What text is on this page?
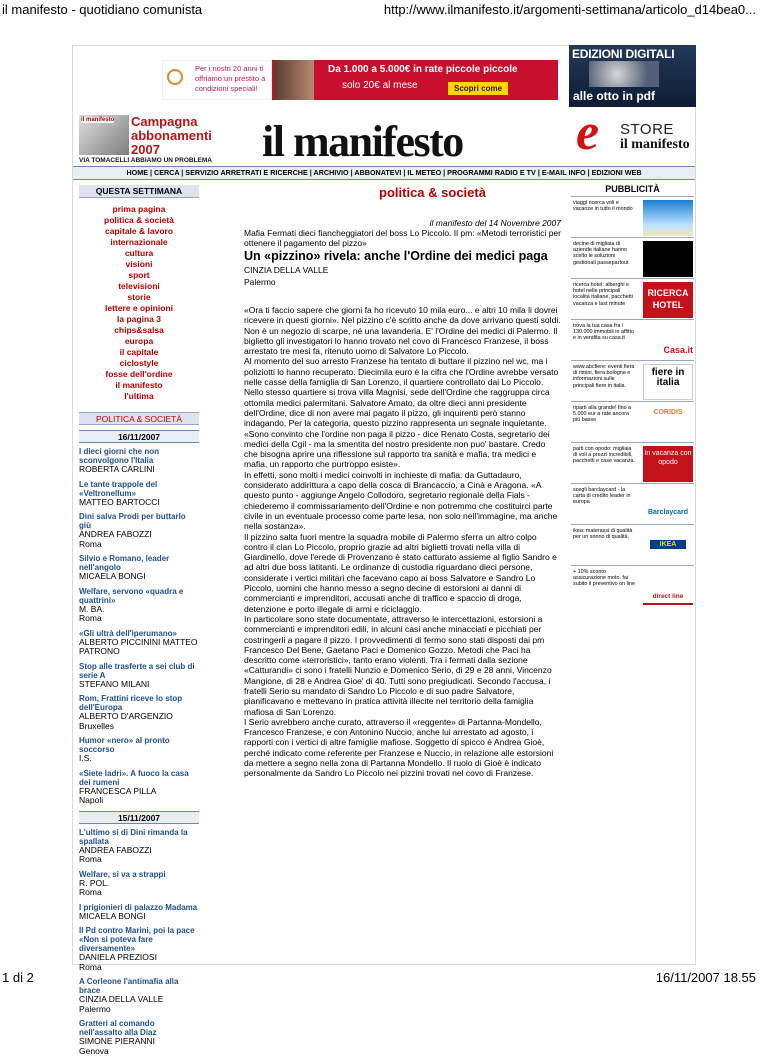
il manifesto - quotidiano comunista	http://www.ilmanifesto.it/argomenti-settimana/articolo_d14bea0...
Per i nostri 20 anni ti offriamo un prestito a condizioni speciali!
Da 1.000 a 5.000€ in rate piccole piccole
solo 20€ al mese	Scopri come
EDIZIONI DIGITALI
alle otto in pdf
il manifesto Campagna abbonamenti 2007
VIA TOMACELLI ABBIAMO UN PROBLEMA il manifesto e STORE
il manifesto
HOME | CERCA | SERVIZIO ARRETRATI E RICERCHE | ARCHIVIO | ABBONATEVI | IL METEO | PROGRAMMI RADIO E TV | E-MAIL INFO | EDIZIONI WEB
QUESTA SETTIMANA
prima pagina
politica & società
capitale & lavoro
internazionale
cultura
visioni
sport
televisioni
storie
lettere e opinioni
la pagina 3
chips&salsa
europa
il capitale
ciclostyle
fosse dell'ordine
il manifesto
l'ultima
POLITICA & SOCIETÀ
16/11/2007
I dieci giorni che non sconvolgono l'Italia
ROBERTA CARLINI
Le tante trappole del «Veltronellum»
MATTEO BARTOCCI
Dini salva Prodi per buttarlo giù
ANDREA FABOZZI
Roma
Silvio e Romano, leader nell'angolo
MICAELA BONGI
Welfare, servono «quadra e quattrini»
M. BA.
Roma
«Gli ultrà dell'iperumano»
ALBERTO PICCININI MATTEO PATRONO
Stop alle trasferte a sei club di serie A
STEFANO MILANI
Rom, Frattini riceve lo stop dell'Europa
ALBERTO D'ARGENZIO
Bruxelles
Humor «nero» al pronto soccorso
I.S.
«Siete ladri». A fuoco la casa dei rumeni
FRANCESCA PILLA
Napoli
15/11/2007
L'ultimo si di Dini rimanda la spallata
ANDREA FABOZZI
Roma
Welfare, si va a strappi
R. POL.
Roma
I prigionieri di palazzo Madama
MICAELA BONGI
Il Pd contro Marini, poi la pace «Non si poteva fare diversamente»
DANIELA PREZIOSI
Roma
A Corleone l'antimafia alla brace
CINZIA DELLA VALLE
Palermo
Gratteri al comando nell'assalto alla Diaz
SIMONE PIERANNI
Genova
politica & società
il manifesto del 14 Novembre 2007
Mafia Fermati dieci fiancheggiatori del boss Lo Piccolo. Il pm: «Metodi terroristici per ottenere il pagamento del pizzo»
Un «pizzino» rivela: anche l'Ordine dei medici paga
CINZIA DELLA VALLE
Palermo

«Ora ti faccio sapere che giorni fa ho ricevuto 10 mila euro... e altri 10 mila li dovrei ricevere in questi giorni». Nel pizzino c'è scritto anche da dove arrivano questi soldi. Non è un negozio di scarpe, né una lavanderia. E' l'Ordine dei medici di Palermo. Il biglietto gli investigatori lo hanno trovato nel covo di Francesco Franzese, il boss arrestato tre mesi fa, ritenuto uomo di Salvatore Lo Piccolo.

Al momento del suo arresto Franzese ha tentato di buttare il pizzino nel wc, ma i poliziotti lo hanno recuperato. Diecimila euro è la cifra che l'Ordine avrebbe versato nelle casse della famiglia di San Lorenzo, il quartiere controllato dai Lo Piccolo. Nello stesso quartiere si trova villa Magnisi, sede dell'Ordine che raggruppa circa ottomila medici palermitani. Salvatore Amato, da oltre dieci anni presidente dell'Ordine, dice di non avere mai pagato il pizzo, gli inquirenti però stanno indagando. Per la categoria, questo pizzino rappresenta un segnale inquietante. «Sono convinto che l'ordine non paga il pizzo - dice Renato Costa, segretario dei medici della Cgil - ma la smentita del nostro presidente non puo' bastare. Credo che bisogna aprire una riflessione sul rapporto tra sanità e mafia, tra medici e mafia, un rapporto che purtroppo esiste».

In effetti, sono molti i medici coinvolti in inchieste di mafia: da Guttadauro, considerato addirittura a capo della cosca di Brancaccio, a Cinà e Aragona. «A questo punto - aggiunge Angelo Collodoro, segretario regionale della Fials - chiederemo il commissariamento dell'Ordine e non potremmo che costituirci parte civile in un eventuale processo come parte lesa, non solo nell'immagine, ma anche nella sostanza».

Il pizzino salta fuori mentre la squadra mobile di Palermo sferra un altro colpo contro il clan Lo Piccolo, proprio grazie ad altri biglietti trovati nella villa di Giardinello, dove l'erede di Provenzano è stato catturato assieme al figlio Sandro e ad altri due boss latitanti. Le ordinanze di custodia riguardano dieci persone, considerate i vertici militari che facevano capo ai boss Salvatore e Sandro Lo Piccolo, uomini che hanno messo a segno decine di estorsioni ai danni di commercianti e imprenditori, accusati anche di traffico e spaccio di droga, detenzione e porto illegale di armi e riciclaggio.

In particolare sono state documentate, attraverso le intercettazioni, estorsioni a commercianti e imprenditori edili, in alcuni casi anche minacciati e picchiati per costringerli a pagare il pizzo. I provvedimenti di fermo sono stati disposti dai pm Francesco Del Bene, Gaetano Paci e Domenico Gozzo. Metodi che Paci ha descritto come «terroristici», tanto erano violenti. Tra i fermati dalla sezione «Catturandi» ci sono i fratelli Nunzio e Domenico Serio, di 29 e 28 anni, Vincenzo Mangione, di 28 e Andrea Gioe' di 40. Tutti sono pregiudicati. Secondo l'accusa, i fratelli Serio su mandato di Sandro Lo Piccolo e di suo padre Salvatore, pianificavano e mettevano in pratica attività illecite nel territorio della famiglia mafiosa di San Lorenzo.

I Serio avrebbero anche curato, attraverso il «reggente» di Partanna-Mondello, Francesco Franzese, e con Antonino Nuccio, anche lui arrestato ad agosto, i rapporti con i vertici di altre famiglie mafiose. Soggetto di spicco è Andrea Gioè, perché indicato come referente per Franzese e Nuccio, in relazione alle estorsioni da mettere a segno nella zona di Partanna Mondello. Il ruolo di Gioè è indicato personalmente da Sandro Lo Piccolo nei pizzini trovati nel covo di Franzese.

PUBBLICITÀ
viaggi ricerca voli e vacanze in tutto il mondo
decine di migliaia di aziende italiane hanno scelto le soluzioni gestionali passepartout
ricerca hotel: alberghi e hotel nelle principali località italiane, pacchetti vacanza e last minute
RICERCA HOTEL
trova la tua casa fra i 130.000 immobili in affitto e in vendita su casa.it
Casa.it
www.abcfiere: eventi fiera di rimini, fiera bologna e informazioni sulle principali fiere in italia.
fiere in italia
ripartì alla grande! fino a 5.000 eur a rate ancora più basse
CORIDIS
parti con opodo: migliaia di voli a prezzi incredibili, pacchetti e case vacanza.
In vacanza con opodo
scegli barclaycard - la carta di credito leader in europa
Barclaycard
ikea: materassi di qualità per un sonno di qualità.
IKEA
+ 10% sconto assicurazione moto. fai subito il preventivo on line
direct line
1 di 2	16/11/2007 18.55
